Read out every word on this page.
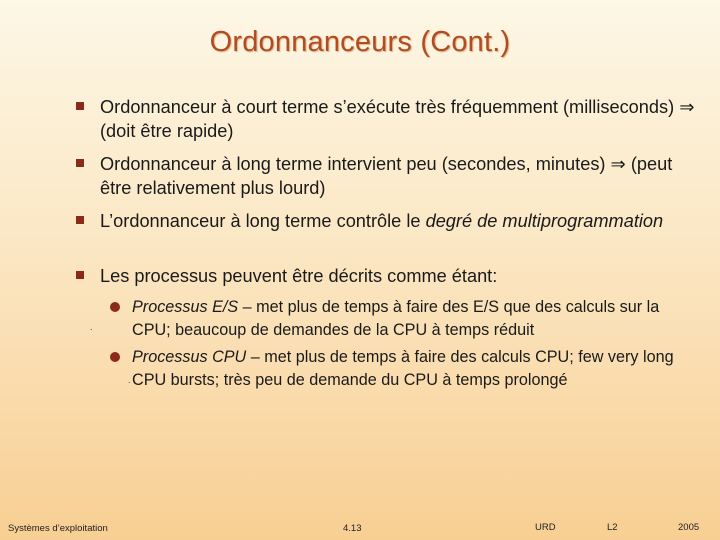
Ordonnanceurs (Cont.)
Ordonnanceur à court terme s’exécute très fréquemment (milliseconds) ⇒ (doit être rapide)
Ordonnanceur à long terme intervient peu (secondes, minutes) ⇒ (peut être relativement plus lourd)
L’ordonnanceur à long terme contrôle le degré de multiprogrammation
Les processus peuvent être décrits comme étant:
Processus E/S – met plus de temps à faire des E/S que des calculs sur la CPU; beaucoup de demandes de la CPU à temps réduit
Processus CPU – met plus de temps à faire des calculs CPU; few very long CPU bursts; très peu de demande du CPU à temps prolongé
.
.
Systèmes d’exploitation	4.13	URD	L2	2005
